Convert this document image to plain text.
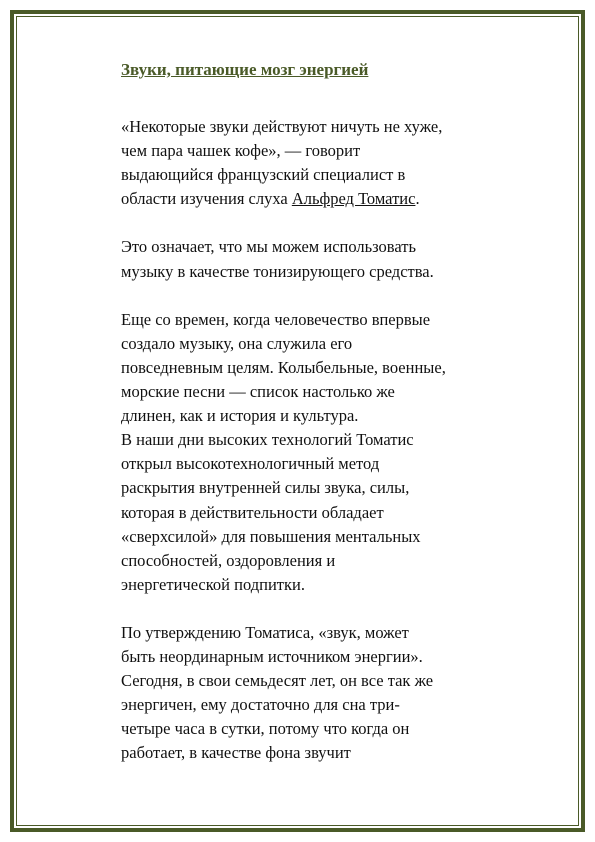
Звуки, питающие мозг энергией

«Некоторые звуки действуют ничуть не хуже,
чем пара чашек кофе», — говорит
выдающийся французский специалист в
области изучения слуха Альфред Томатис.

Это означает, что мы можем использовать
музыку в качестве тонизирующего средства.

Еще со времен, когда человечество впервые
создало музыку, она служила его
повседневным целям. Колыбельные, военные,
морские песни — список настолько же
длинен, как и история и культура.
В наши дни высоких технологий Томатис
открыл высокотехнологичный метод
раскрытия внутренней силы звука, силы,
которая в действительности обладает
«сверхсилой» для повышения ментальных
способностей, оздоровления и
энергетической подпитки.

По утверждению Томатиса, «звук, может
быть неординарным источником энергии».
Сегодня, в свои семьдесят лет, он все так же
энергичен, ему достаточно для сна три-
четыре часа в сутки, потому что когда он
работает, в качестве фона звучит
